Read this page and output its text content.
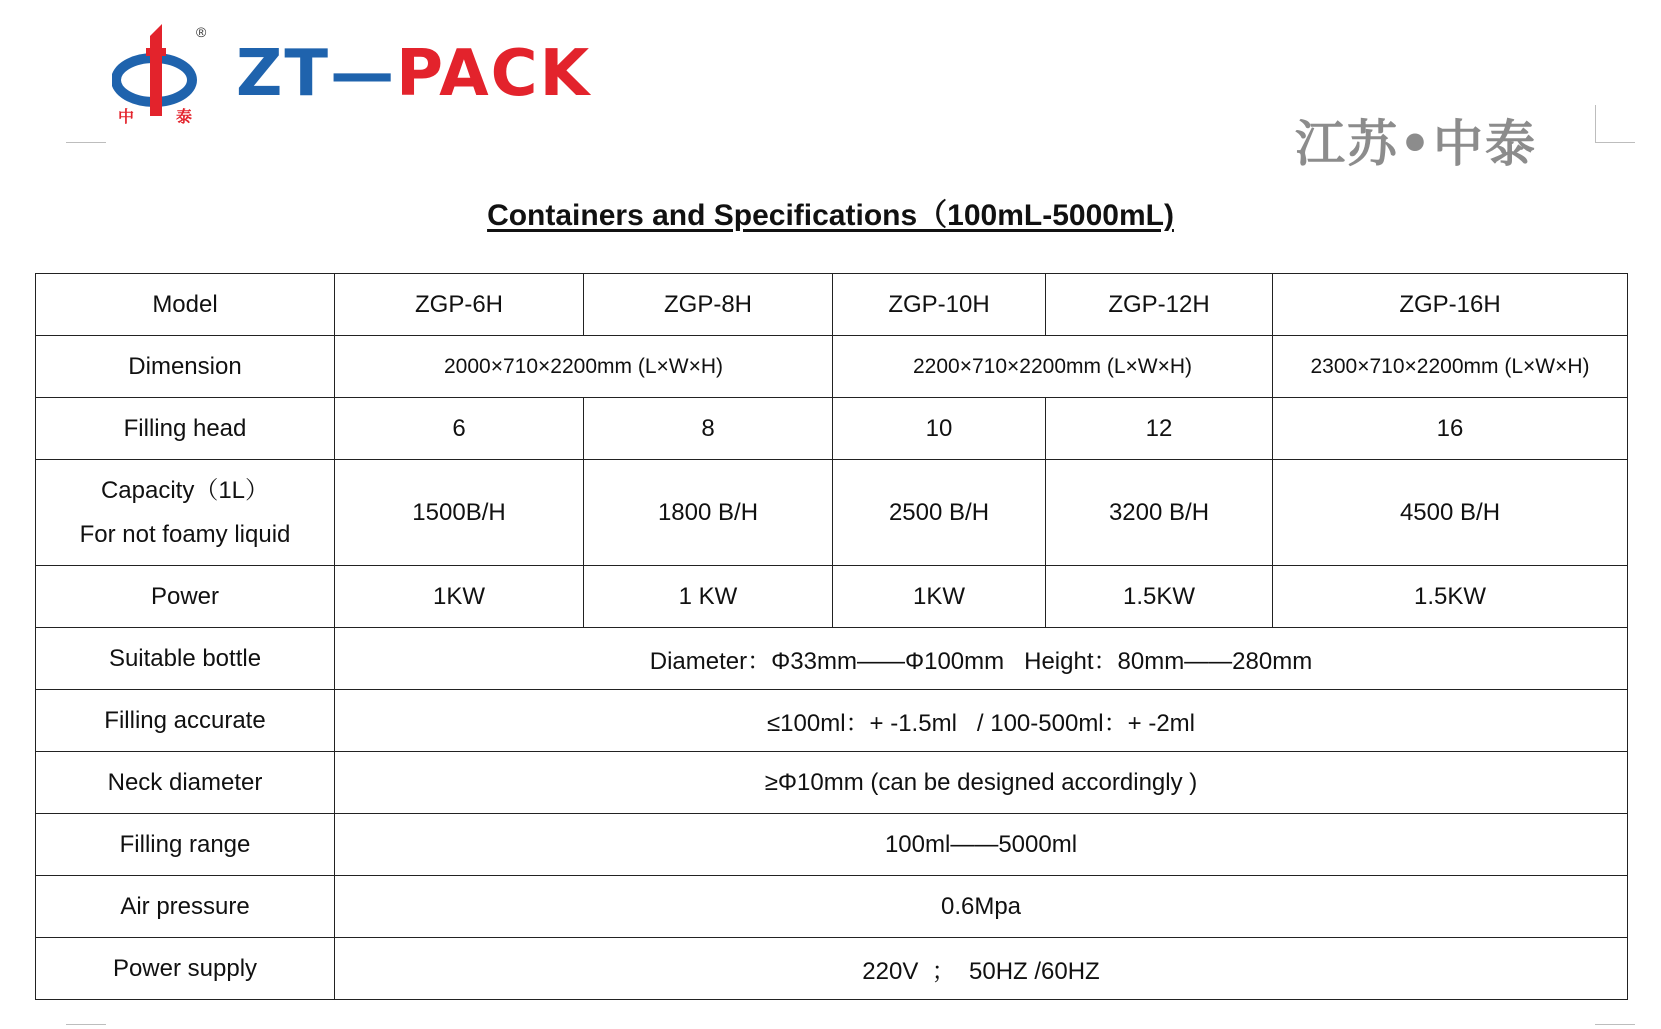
中	泰
®
ZT—PACK
江苏•中泰
Containers and Specifications（100mL-5000mL)
Model	ZGP-6H	ZGP-8H	ZGP-10H	ZGP-12H	ZGP-16H
Dimension	2000×710×2200mm (L×W×H)		2200×710×2200mm (L×W×H)		2300×710×2200mm (L×W×H)
Filling head	6	8	10	12	16

Capacity（1L）
For not foamy liquid	1500B/H	1800 B/H	2500 B/H	3200 B/H	4500 B/H
Power	1KW	1 KW	1KW	1.5KW	1.5KW
Suitable bottle	Diameter：Φ33mm——Φ100mm   Height：80mm——280mm				
Filling accurate	≤100ml：+ -1.5ml   / 100-500ml：+ -2ml				
Neck diameter	≥Φ10mm (can be designed accordingly )				
Filling range	100ml——5000ml				
Air pressure	0.6Mpa				
Power supply	220V  ；  50HZ /60HZ				
